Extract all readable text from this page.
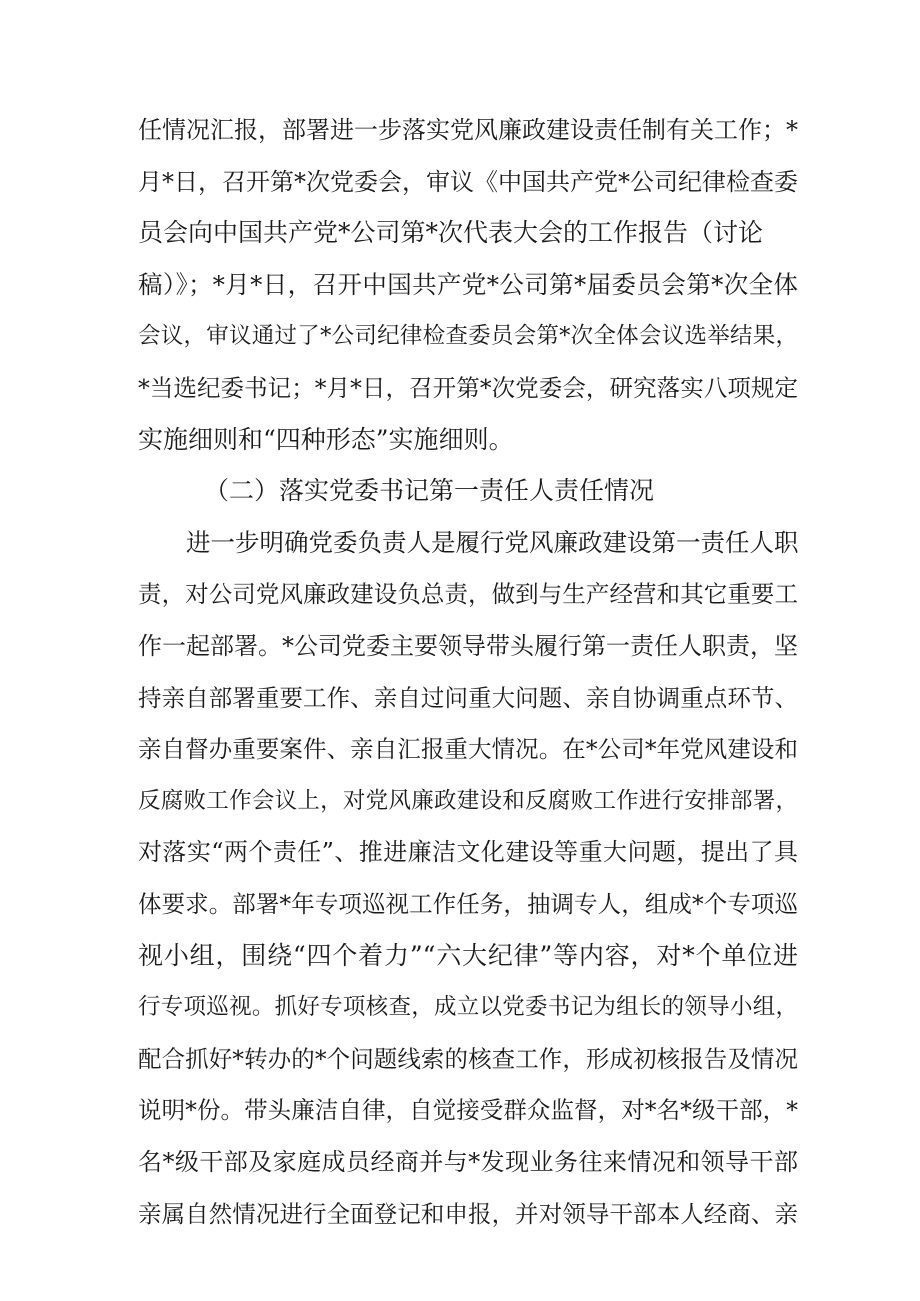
任情况汇报，部署进一步落实党风廉政建设责任制有关工作；*

月*日，召开第*次党委会，审议《中国共产党*公司纪律检查委

员会向中国共产党*公司第*次代表大会的工作报告（讨论

稿）》；*月*日，召开中国共产党*公司第*届委员会第*次全体

会议，审议通过了*公司纪律检查委员会第*次全体会议选举结果，

*当选纪委书记；*月*日，召开第*次党委会，研究落实八项规定

实施细则和“四种形态”实施细则。

（二）落实党委书记第一责任人责任情况

进一步明确党委负责人是履行党风廉政建设第一责任人职

责，对公司党风廉政建设负总责，做到与生产经营和其它重要工

作一起部署。*公司党委主要领导带头履行第一责任人职责，坚

持亲自部署重要工作、亲自过问重大问题、亲自协调重点环节、

亲自督办重要案件、亲自汇报重大情况。在*公司*年党风建设和

反腐败工作会议上，对党风廉政建设和反腐败工作进行安排部署，

对落实“两个责任”、推进廉洁文化建设等重大问题，提出了具

体要求。部署*年专项巡视工作任务，抽调专人，组成*个专项巡

视小组，围绕“四个着力”“六大纪律”等内容，对*个单位进

行专项巡视。抓好专项核查，成立以党委书记为组长的领导小组，

配合抓好*转办的*个问题线索的核查工作，形成初核报告及情况

说明*份。带头廉洁自律，自觉接受群众监督，对*名*级干部，*

名*级干部及家庭成员经商并与*发现业务往来情况和领导干部

亲属自然情况进行全面登记和申报，并对领导干部本人经商、亲
